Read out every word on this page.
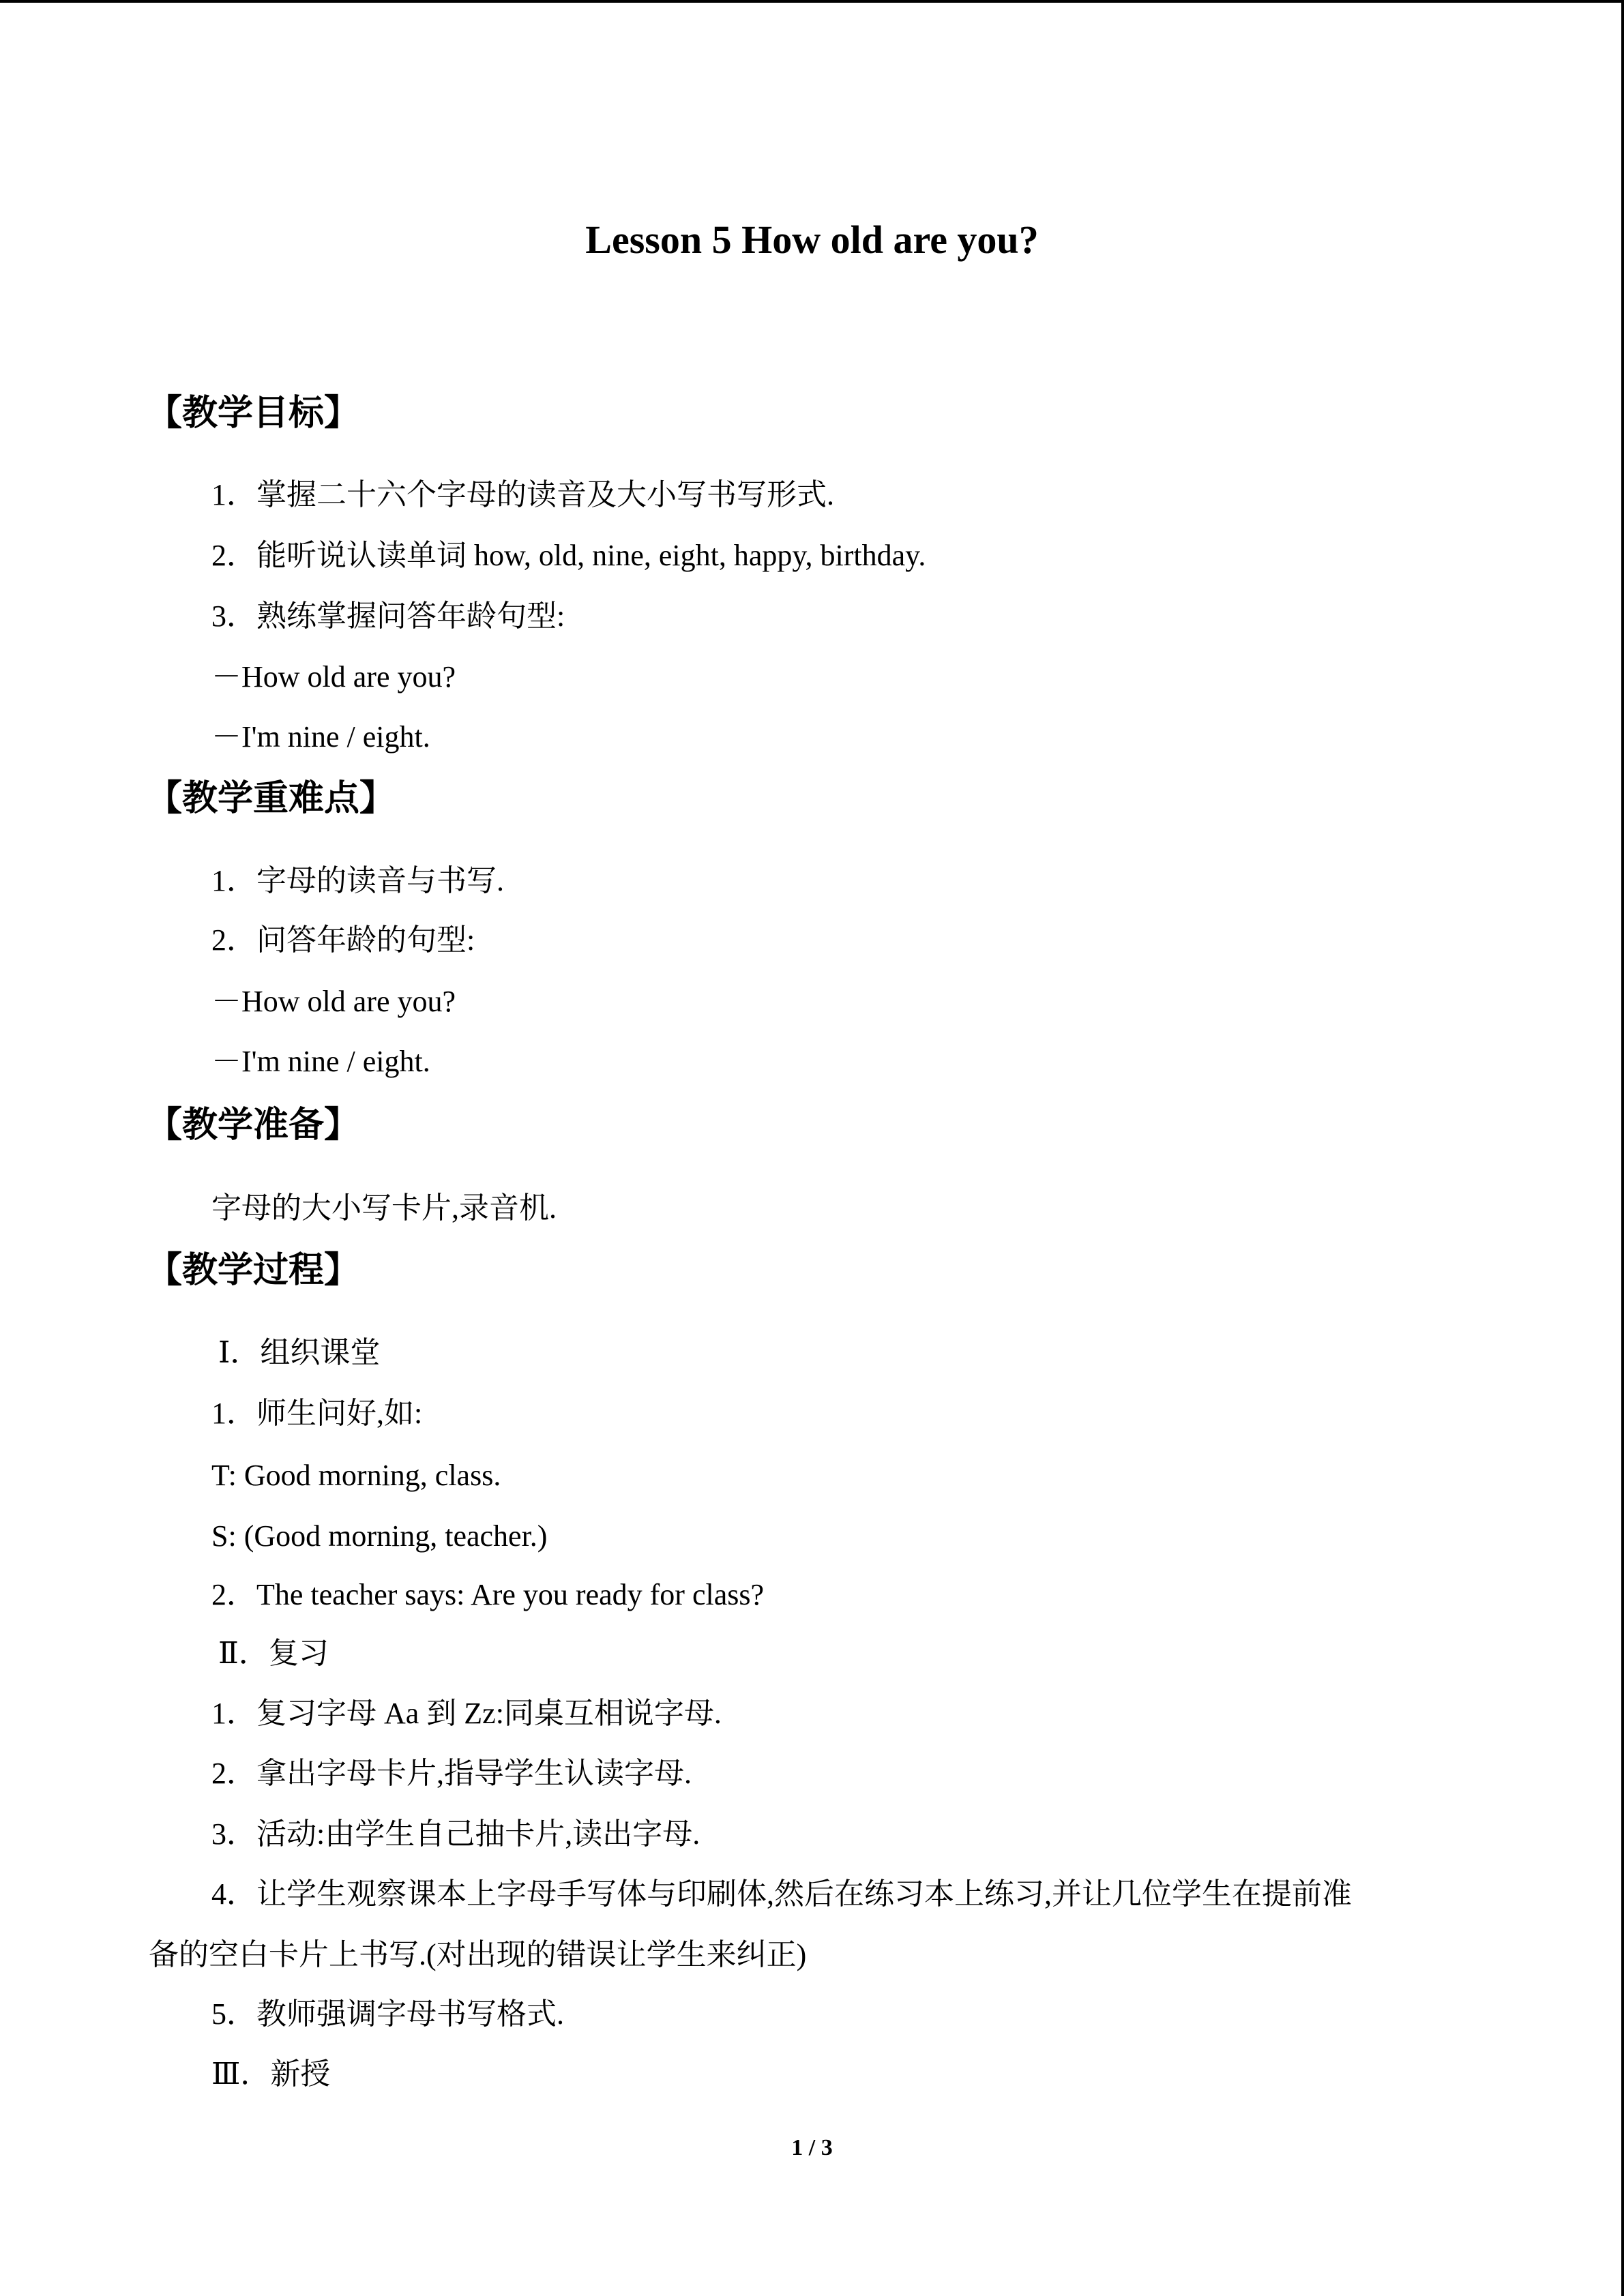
Lesson 5 How old are you?
【教学目标】
1．掌握二十六个字母的读音及大小写书写形式.
2．能听说认读单词 how, old, nine, eight, happy, birthday.
3．熟练掌握问答年龄句型:
－How old are you?
－I'm nine / eight.
【教学重难点】
1．字母的读音与书写.
2．问答年龄的句型:
－How old are you?
－I'm nine / eight.
【教学准备】
字母的大小写卡片,录音机.
【教学过程】
Ⅰ．组织课堂
1．师生问好,如:
T: Good morning, class.
S: (Good morning, teacher.)
2．The teacher says: Are you ready for class?
Ⅱ．复习
1．复习字母 Aa 到 Zz:同桌互相说字母.
2．拿出字母卡片,指导学生认读字母.
3．活动:由学生自己抽卡片,读出字母.
4．让学生观察课本上字母手写体与印刷体,然后在练习本上练习,并让几位学生在提前准
备的空白卡片上书写.(对出现的错误让学生来纠正)
5．教师强调字母书写格式.
Ⅲ．新授
1 / 3
